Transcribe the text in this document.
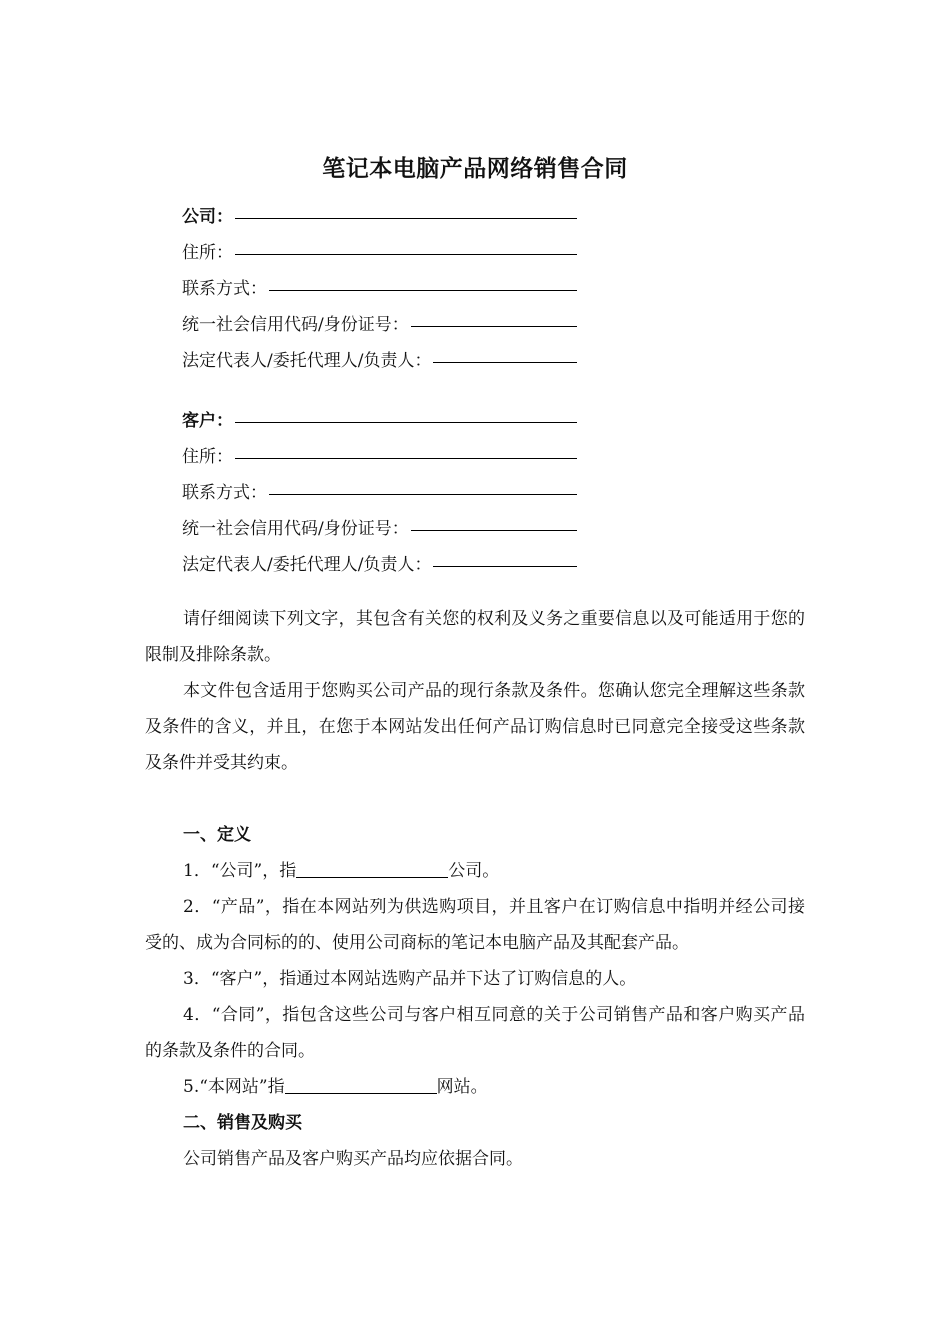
笔记本电脑产品网络销售合同
公司：
住所：
联系方式：
统一社会信用代码/身份证号：
法定代表人/委托代理人/负责人：
客户：
住所：
联系方式：
统一社会信用代码/身份证号：
法定代表人/委托代理人/负责人：

请仔细阅读下列文字，其包含有关您的权利及义务之重要信息以及可能适用于您的限制及排除条款。

本文件包含适用于您购买公司产品的现行条款及条件。您确认您完全理解这些条款及条件的含义，并且，在您于本网站发出任何产品订购信息时已同意完全接受这些条款及条件并受其约束。

一、定义

1．“公司”，指	公司。

2．“产品”，指在本网站列为供选购项目，并且客户在订购信息中指明并经公司接受的、成为合同标的的、使用公司商标的笔记本电脑产品及其配套产品。

3．“客户”，指通过本网站选购产品并下达了订购信息的人。

4．“合同”，指包含这些公司与客户相互同意的关于公司销售产品和客户购买产品的条款及条件的合同。

5.“本网站”指	网站。

二、销售及购买

公司销售产品及客户购买产品均应依据合同。
